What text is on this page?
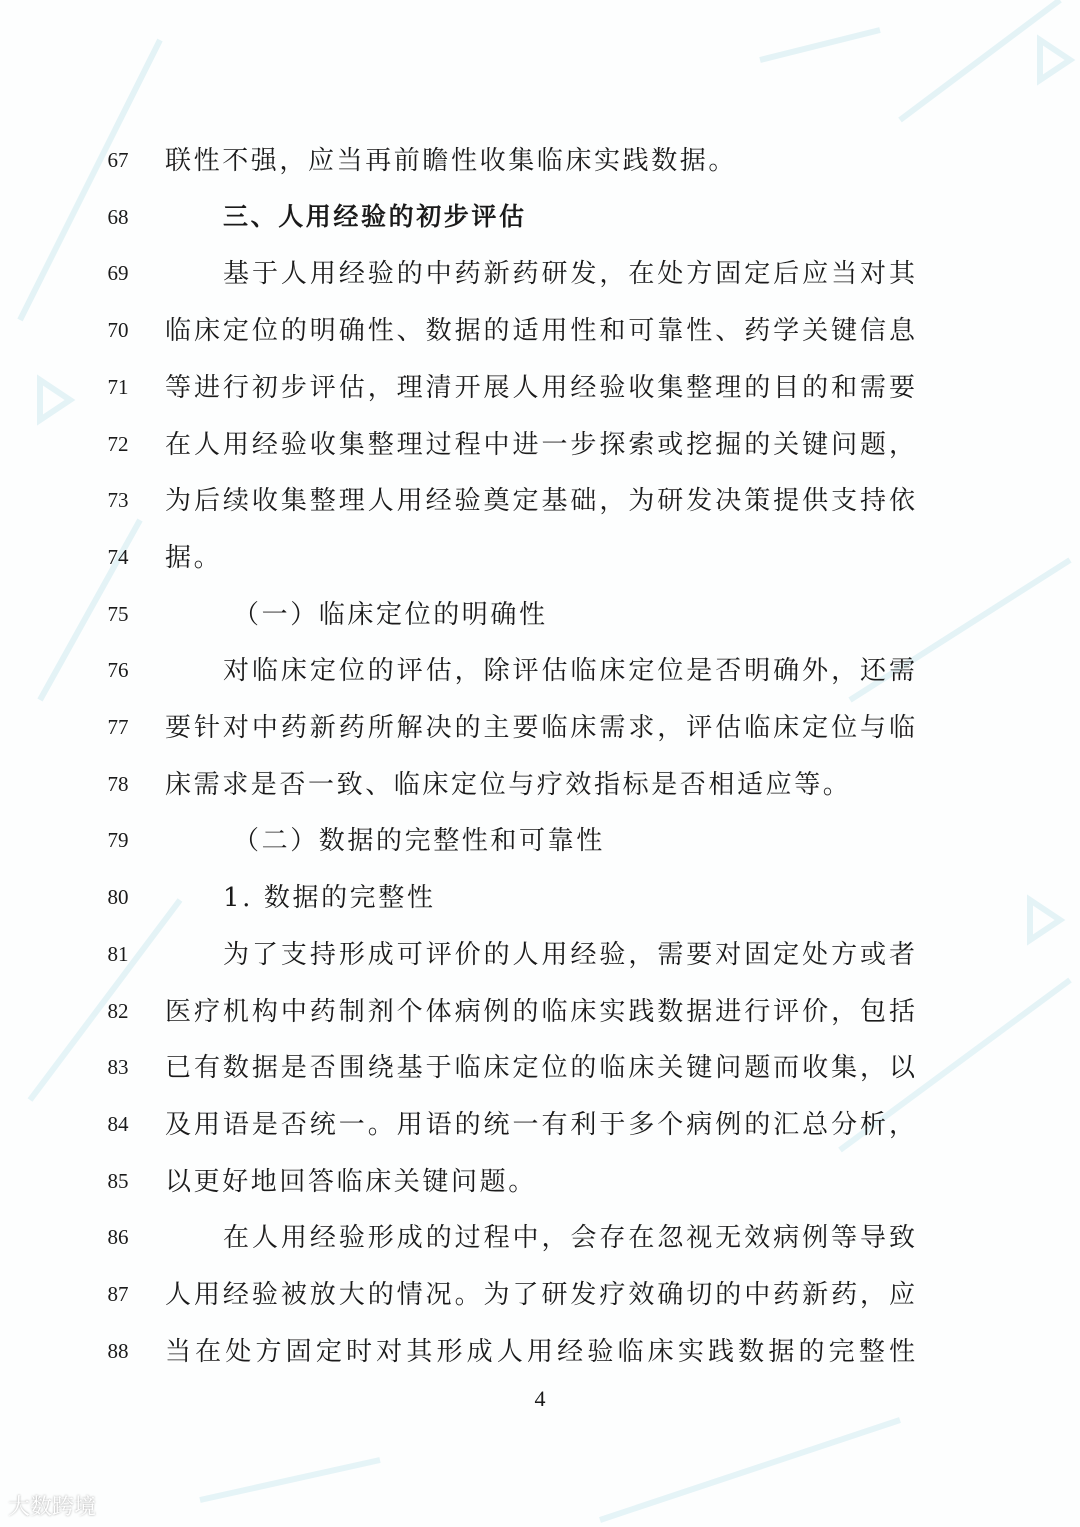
67	联性不强，应当再前瞻性收集临床实践数据。
68	三、人用经验的初步评估
69	基于人用经验的中药新药研发，在处方固定后应当对其
70	临床定位的明确性、数据的适用性和可靠性、药学关键信息
71	等进行初步评估，理清开展人用经验收集整理的目的和需要
72	在人用经验收集整理过程中进一步探索或挖掘的关键问题，
73	为后续收集整理人用经验奠定基础，为研发决策提供支持依
74	据。
75	（一）临床定位的明确性
76	对临床定位的评估，除评估临床定位是否明确外，还需
77	要针对中药新药所解决的主要临床需求，评估临床定位与临
78	床需求是否一致、临床定位与疗效指标是否相适应等。
79	（二）数据的完整性和可靠性
80	1. 数据的完整性
81	为了支持形成可评价的人用经验，需要对固定处方或者
82	医疗机构中药制剂个体病例的临床实践数据进行评价，包括
83	已有数据是否围绕基于临床定位的临床关键问题而收集，以
84	及用语是否统一。用语的统一有利于多个病例的汇总分析，
85	以更好地回答临床关键问题。
86	在人用经验形成的过程中，会存在忽视无效病例等导致
87	人用经验被放大的情况。为了研发疗效确切的中药新药，应
88	当在处方固定时对其形成人用经验临床实践数据的完整性
4
大数跨境
